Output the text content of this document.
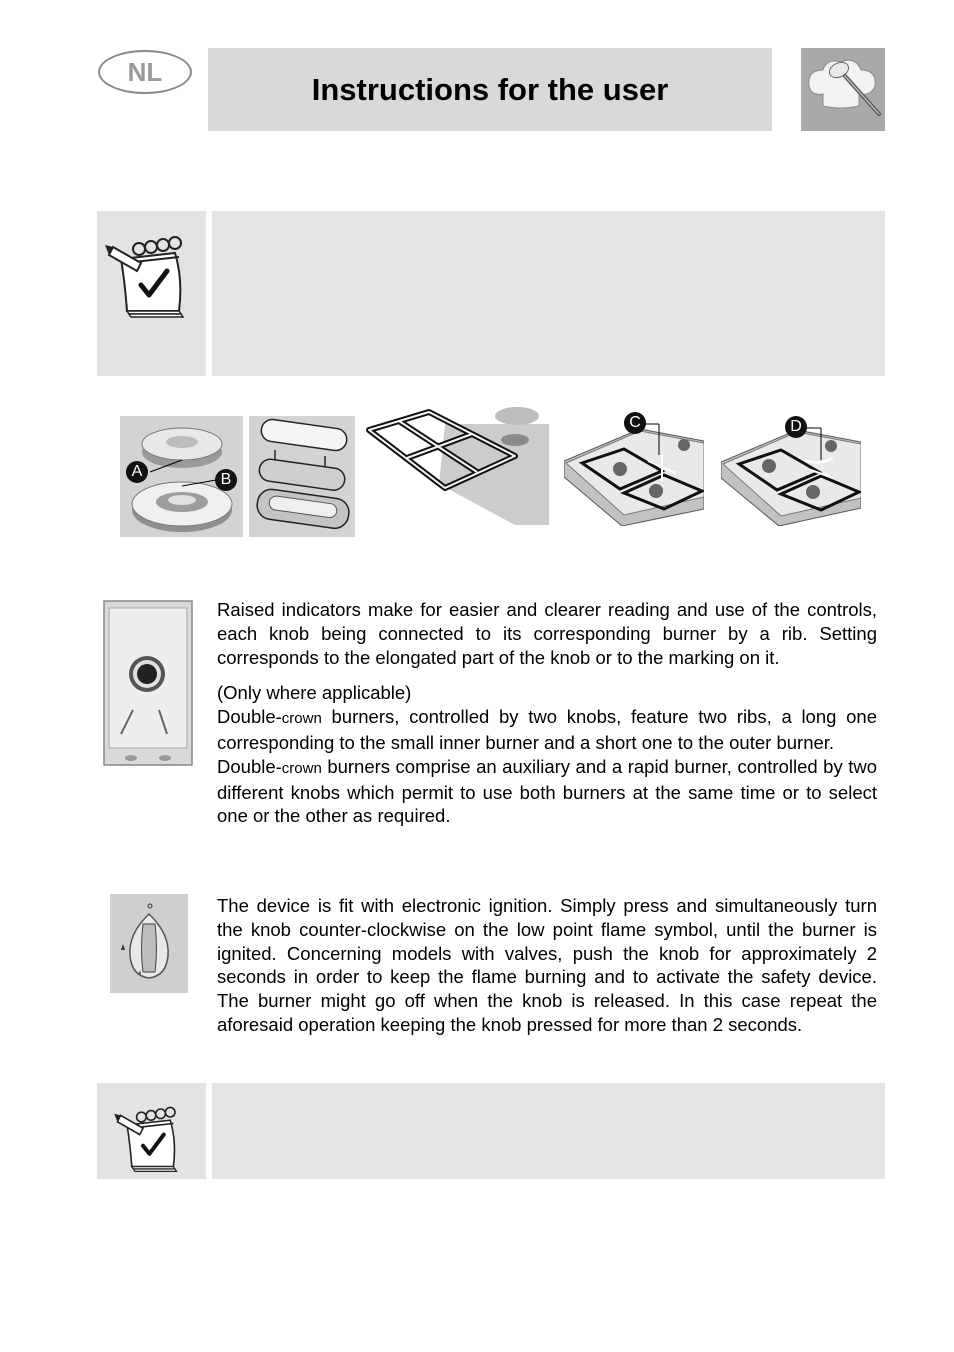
NL	Instructions for the user
A	B
C	D

Raised indicators make for easier and clearer reading and use of the controls, each knob being connected to its corresponding burner by a rib. Setting corresponds to the elongated part of the knob or to the marking on it.

(Only where applicable)

Double-crown burners, controlled by two knobs, feature two ribs, a long one corresponding to the small inner burner and a short one to the outer burner.

Double-crown burners comprise an auxiliary and a rapid burner, controlled by two different knobs which permit to use both burners at the same time or to select one or the other as required.

The device is fit with electronic ignition. Simply press and simultaneously turn the knob counter-clockwise on the low point flame symbol, until the burner is ignited. Concerning models with valves, push the knob for approximately 2 seconds in order to keep the flame burning and to activate the safety device. The burner might go off when the knob is released. In this case repeat the aforesaid operation keeping the knob pressed for more than 2 seconds.
